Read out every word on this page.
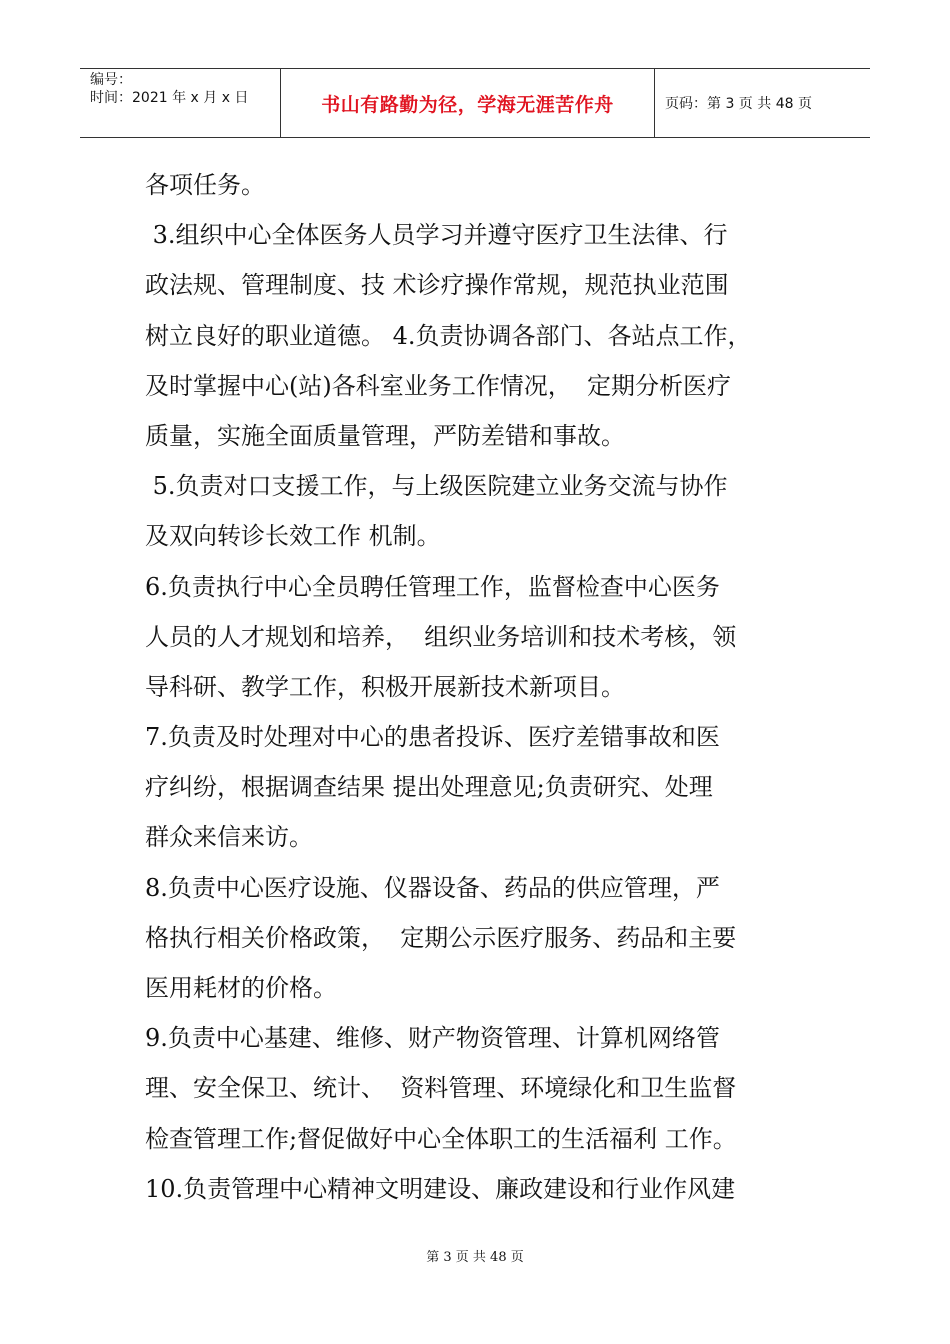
编号：
时间：2021 年 x 月 x 日	书山有路勤为径，学海无涯苦作舟	页码：第 3 页 共 48 页
各项任务。
3.组织中心全体医务人员学习并遵守医疗卫生法律、行
政法规、管理制度、技 术诊疗操作常规，规范执业范围
树立良好的职业道德。 4.负责协调各部门、各站点工作，
及时掌握中心(站)各科室业务工作情况，  定期分析医疗
质量，实施全面质量管理，严防差错和事故。
5.负责对口支援工作，与上级医院建立业务交流与协作
及双向转诊长效工作 机制。
6.负责执行中心全员聘任管理工作，监督检查中心医务
人员的人才规划和培养，  组织业务培训和技术考核，领
导科研、教学工作，积极开展新技术新项目。
7.负责及时处理对中心的患者投诉、医疗差错事故和医
疗纠纷，根据调查结果 提出处理意见;负责研究、处理
群众来信来访。
8.负责中心医疗设施、仪器设备、药品的供应管理，严
格执行相关价格政策，  定期公示医疗服务、药品和主要
医用耗材的价格。
9.负责中心基建、维修、财产物资管理、计算机网络管
理、安全保卫、统计、  资料管理、环境绿化和卫生监督
检查管理工作;督促做好中心全体职工的生活福利 工作。
10.负责管理中心精神文明建设、廉政建设和行业作风建
第 3 页 共 48 页
